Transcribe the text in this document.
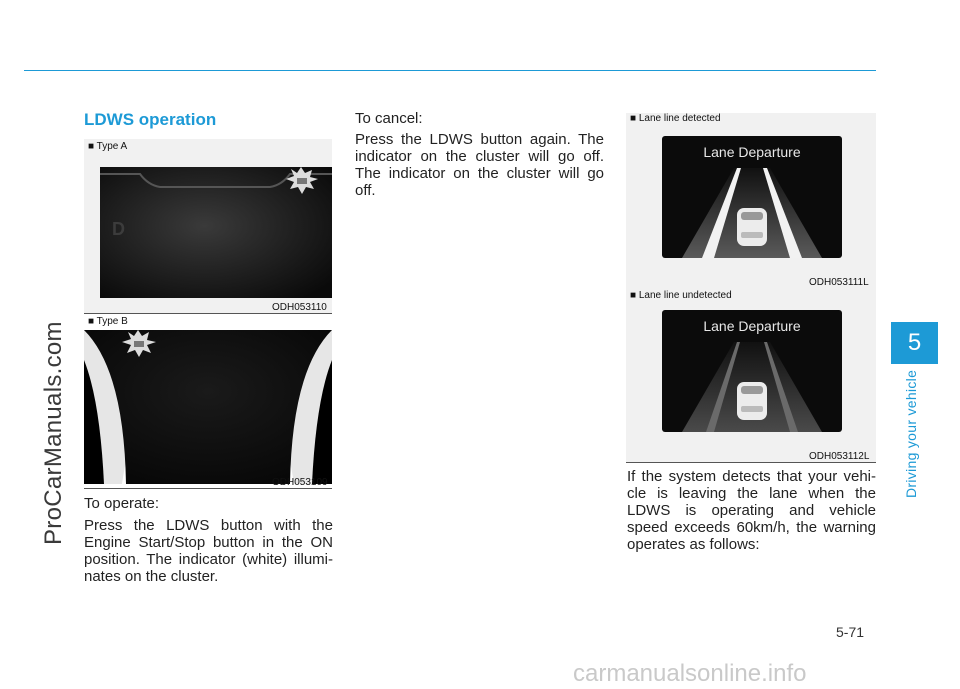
ProCarManuals.com	5
Driving your vehicle
LDWS operation
■ Type A
D
ODH053110
■ Type B
ODH053109
To operate:
Press the LDWS button with the Engine Start/Stop button in the ON position. The indicator (white) illumi-nates on the cluster.
To cancel:
Press the LDWS button again. The indicator on the cluster will go off. The indicator on the cluster will go off.
■ Lane line detected
Lane Departure
ODH053111L
■ Lane line undetected
Lane Departure
ODH053112L
If the system detects that your vehi-cle is leaving the lane when the LDWS is operating and vehicle speed exceeds 60km/h, the warning operates as follows:
5-71
carmanualsonline.info
